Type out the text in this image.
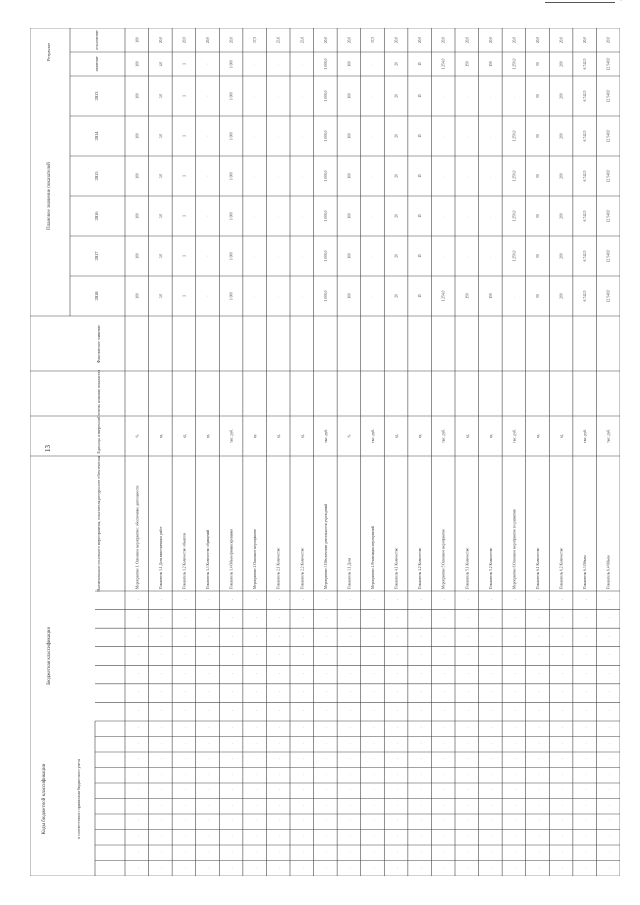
·
13
Коды бюджетной классификации	в соответствии с правилами бюджетного учета
Бюджетная классификация
Наименование основного мероприятия, показателя ресурсного обеспечения
Единица измерения
Степень влияния показателя
Фактическое значение
Плановое значение показателей
2018
2017
2016
2015
2014
2013
Результат
значение
отклонение
Мероприятие 1. Основное мероприятие: обеспечение деятельности
%
100
100
100
100
100
100
100
100
·
·
·
·
·
·
·
·
·
·
·
·
·
·
·
·
·
Показатель 1.1 Доля выполненных работ
ед.
3,0
3,0
3,0
3,0
3,0
3,0
4,0
20,0
·
·
·
·
·
·
·
·
·
·
·
·
·
·
·
·
·
Показатель 1.2 Количество объектов
ед.
1
1
1
1
1
1
1
20,0
·
·
·
·
·
·
·
·
·
·
·
·
·
·
·
·
·
Показатель 1.3 Количество обращений
ед.
·
·
·
·
·
·
·
20,0
·
·
·
·
·
·
·
·
·
·
·
·
·
·
·
·
·
Показатель 1.4 Объем финансирования
тыс. руб.
1 000
1 000
1 000
1 000
1 000
1 000
1 000
20,0
·
·
·
·
·
·
·
·
·
·
·
·
·
·
·
·
·
Мероприятие 2 Основное мероприятие
ед.
·
·
·
·
·
·
·
37,5
·
·
·
·
·
·
·
·
·
·
·
·
·
·
·
·
·
Показатель 2.1 Количество
ед.
·
·
·
·
·
·
·
23,6
·
·
·
·
·
·
·
·
·
·
·
·
·
·
·
·
·
Показатель 2.2 Количество
ед.
·
·
·
·
·
·
·
23,6
·
·
·
·
·
·
·
·
·
·
·
·
·
·
·
·
·
Мероприятие 3 Обеспечение деятельности учреждений
тыс. руб.
1 000,0
1 000,0
1 000,0
1 000,0
1 000,0
1 000,0
1 000,0
20,0
·
·
·
·
·
·
·
·
·
·
·
·
·
·
·
·
·
Показатель 3.1 Доля
%
100
100
100
100
100
100
100
20,0
·
·
·
·
·
·
·
·
·
·
·
·
·
·
·
·
·
Мероприятие 4 Реализация мероприятий
тыс. руб.
·
·
·
·
·
·
·
37,5
·
·
·
·
·
·
·
·
·
·
·
·
·
·
·
·
·
Показатель 4.1 Количество
ед.
20
20
20
20
20
20
20
20,0
·
·
·
·
·
·
·
·
·
·
·
·
·
·
·
·
·
Показатель 4.2 Количество
ед.
15
15
15
15
15
15
15
20,0
·
·
·
·
·
·
·
·
·
·
·
·
·
·
·
·
·
Мероприятие 5 Основное мероприятие
тыс. руб.
1 254,0
·
·
·
·
·
1 254,0
20,0
·
·
·
·
·
·
·
·
·
·
·
·
·
·
·
·
·
Показатель 5.1 Количество
ед.
150
·
·
·
·
·
150
20,0
·
·
·
·
·
·
·
·
·
·
·
·
·
·
·
·
·
Показатель 5.2 Количество
ед.
150
·
·
·
·
·
150
20,0
·
·
·
·
·
·
·
·
·
·
·
·
·
·
·
·
·
Мероприятие 6 Основное мероприятие по развитию
тыс. руб.
·
1 250,0
1 250,0
1 250,0
1 250,0
·
1 250,0
20,0
·
·
·
·
·
·
·
·
·
·
·
·
·
·
·
·
·
Показатель 6.1 Количество
ед.
50
50
50
50
50
50
50
20,0
·
·
·
·
·
·
·
·
·
·
·
·
·
·
·
·
·
Показатель 6.2 Количество
ед.
200
200
200
200
200
200
200
20,0
·
·
·
·
·
·
·
·
·
·
·
·
·
·
·
·
·
Показатель 6.3 Объем
тыс. руб.
6 742,5
6 742,5
6 742,5
6 742,5
6 742,5
6 742,5
6 742,5
20,0
·
·
·
·
·
·
·
·
·
·
·
·
·
·
·
·
·
Показатель 6.4 Объем
тыс. руб.
12 540,0
12 540,0
12 540,0
12 540,0
12 540,0
12 540,0
12 540,0
20,0
·
·
·
·
·
·
·
·
·
·
·
·
·
·
·
·
·
